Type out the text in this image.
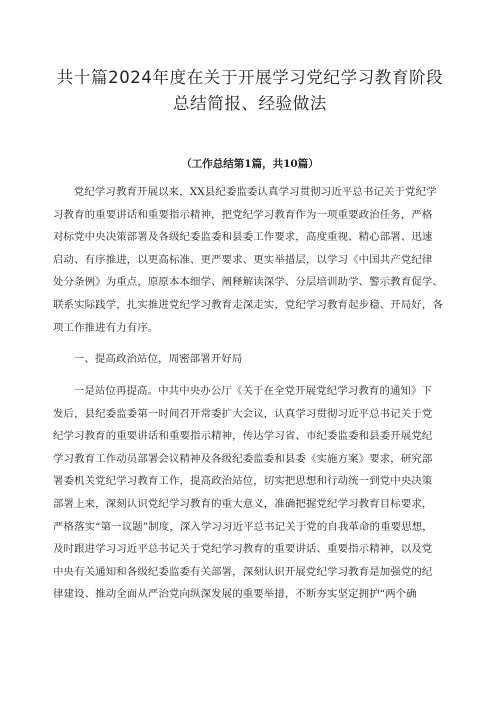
共十篇2024年度在关于开展学习党纪学习教育阶段
总结简报、经验做法
（工作总结第1篇，共10篇）
党纪学习教育开展以来，XX县纪委监委认真学习贯彻习近平总书记关于党纪学
习教育的重要讲话和重要指示精神，把党纪学习教育作为一项重要政治任务，严格
对标党中央决策部署及各级纪委监委和县委工作要求，高度重视、精心部署、迅速
启动、有序推进，以更高标准、更严要求、更实举措层，以学习《中国共产党纪律
处分条例》为重点，原原本本细学、阐释解读深学、分层培训助学、警示教育促学、
联系实际践学，扎实推进党纪学习教育走深走实，党纪学习教育起步稳、开局好，各
项工作推进有力有序。
一、提高政治站位，周密部署开好局
一是站位再提高。中共中央办公厅《关于在全党开展党纪学习教育的通知》下
发后，县纪委监委第一时间召开常委扩大会议，认真学习贯彻习近平总书记关于党
纪学习教育的重要讲话和重要指示精神，传达学习省、市纪委监委和县委开展党纪
学习教育工作动员部署会议精神及各级纪委监委和县委《实施方案》要求，研究部
署委机关党纪学习教育工作，提高政治站位，切实把思想和行动统一到党中央决策
部署上来，深刻认识党纪学习教育的重大意义，准确把握党纪学习教育目标要求，
严格落实“第一议题”制度，深入学习习近平总书记关于党的自我革命的重要思想，
及时跟进学习习近平总书记关于党纪学习教育的重要讲话、重要指示精神，以及党
中央有关通知和各级纪委监委有关部署，深刻认识开展党纪学习教育是加强党的纪
律建设、推动全面从严治党向纵深发展的重要举措，不断夯实坚定拥护“两个确
